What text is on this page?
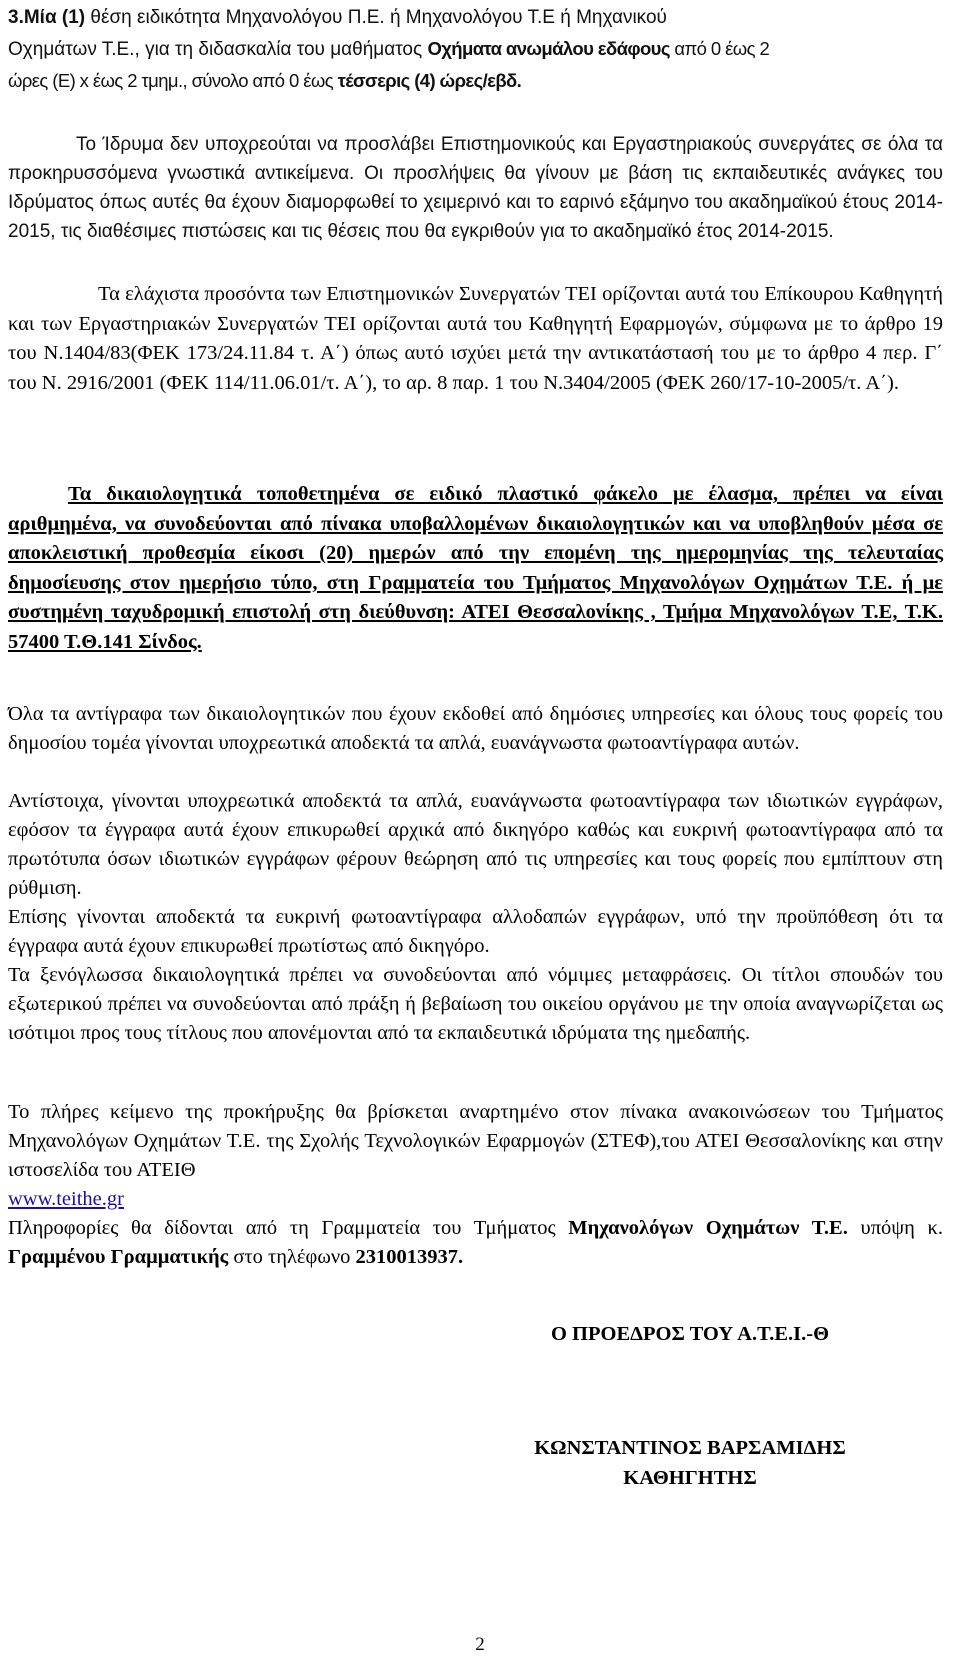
3.Μία (1) θέση ειδικότητα Μηχανολόγου Π.Ε. ή Μηχανολόγου Τ.Ε ή Μηχανικού
Οχημάτων Τ.Ε., για τη διδασκαλία του μαθήματος Οχήματα ανωμάλου εδάφους από 0 έως 2
ώρες (Ε) x έως 2 τμημ., σύνολο από 0 έως τέσσερις (4) ώρες/εβδ.

Το Ίδρυμα δεν υποχρεούται να προσλάβει Επιστημονικούς και Εργαστηριακούς συνεργάτες σε όλα τα προκηρυσσόμενα γνωστικά αντικείμενα. Οι προσλήψεις θα γίνουν με βάση τις εκπαιδευτικές ανάγκες του Ιδρύματος όπως αυτές θα έχουν διαμορφωθεί το χειμερινό και το εαρινό εξάμηνο του ακαδημαϊκού έτους 2014-2015, τις διαθέσιμες πιστώσεις και τις θέσεις που θα εγκριθούν για το ακαδημαϊκό έτος 2014-2015.

Τα ελάχιστα προσόντα των Επιστημονικών Συνεργατών ΤΕΙ ορίζονται αυτά του Επίκουρου Καθηγητή και των Εργαστηριακών Συνεργατών ΤΕΙ ορίζονται αυτά του Καθηγητή Εφαρμογών, σύμφωνα με το άρθρο 19 του Ν.1404/83(ΦΕΚ 173/24.11.84 τ. Α΄) όπως αυτό ισχύει μετά την αντικατάστασή του με το άρθρο 4 περ. Γ΄ του Ν. 2916/2001 (ΦΕΚ 114/11.06.01/τ. Α΄), το αρ. 8 παρ. 1 του Ν.3404/2005 (ΦΕΚ 260/17-10-2005/τ. Α΄).

Τα δικαιολογητικά τοποθετημένα σε ειδικό πλαστικό φάκελο με έλασμα, πρέπει να είναι αριθμημένα, να συνοδεύονται από πίνακα υποβαλλομένων δικαιολογητικών και να υποβληθούν μέσα σε αποκλειστική προθεσμία είκοσι (20) ημερών από την επομένη της ημερομηνίας της τελευταίας δημοσίευσης στον ημερήσιο τύπο, στη Γραμματεία του Τμήματος Μηχανολόγων Οχημάτων Τ.Ε. ή με συστημένη ταχυδρομική επιστολή στη διεύθυνση: ΑΤΕΙ Θεσσαλονίκης , Τμήμα Μηχανολόγων Τ.Ε, Τ.Κ. 57400 Τ.Θ.141 Σίνδος.

Όλα τα αντίγραφα των δικαιολογητικών που έχουν εκδοθεί από δημόσιες υπηρεσίες και όλους τους φορείς του δημοσίου τομέα γίνονται υποχρεωτικά αποδεκτά τα απλά, ευανάγνωστα φωτοαντίγραφα αυτών.

Αντίστοιχα, γίνονται υποχρεωτικά αποδεκτά τα απλά, ευανάγνωστα φωτοαντίγραφα των ιδιωτικών εγγράφων, εφόσον τα έγγραφα αυτά έχουν επικυρωθεί αρχικά από δικηγόρο καθώς και ευκρινή φωτοαντίγραφα από τα πρωτότυπα όσων ιδιωτικών εγγράφων φέρουν θεώρηση από τις υπηρεσίες και τους φορείς που εμπίπτουν στη ρύθμιση.

Επίσης γίνονται αποδεκτά τα ευκρινή φωτοαντίγραφα αλλοδαπών εγγράφων, υπό την προϋπόθεση ότι τα έγγραφα αυτά έχουν επικυρωθεί πρωτίστως από δικηγόρο.

Τα ξενόγλωσσα δικαιολογητικά πρέπει να συνοδεύονται από νόμιμες μεταφράσεις. Οι τίτλοι σπουδών του εξωτερικού πρέπει να συνοδεύονται από πράξη ή βεβαίωση του οικείου οργάνου με την οποία αναγνωρίζεται ως ισότιμοι προς τους τίτλους που απονέμονται από τα εκπαιδευτικά ιδρύματα της ημεδαπής.

Το πλήρες κείμενο της προκήρυξης θα βρίσκεται αναρτημένο στον πίνακα ανακοινώσεων του Τμήματος Μηχανολόγων Οχημάτων Τ.Ε. της Σχολής Τεχνολογικών Εφαρμογών (ΣΤΕΦ),του ΑΤΕΙ Θεσσαλονίκης και στην ιστοσελίδα του ΑΤΕΙΘ
www.teithe.gr

Πληροφορίες θα δίδονται από τη Γραμματεία του Τμήματος Μηχανολόγων Οχημάτων Τ.Ε. υπόψη κ. Γραμμένου Γραμματικής στο τηλέφωνο 2310013937.

Ο ΠΡΟΕΔΡΟΣ ΤΟΥ Α.Τ.Ε.Ι.-Θ
ΚΩΝΣΤΑΝΤΙΝΟΣ ΒΑΡΣΑΜΙΔΗΣ
ΚΑΘΗΓΗΤΗΣ
2
